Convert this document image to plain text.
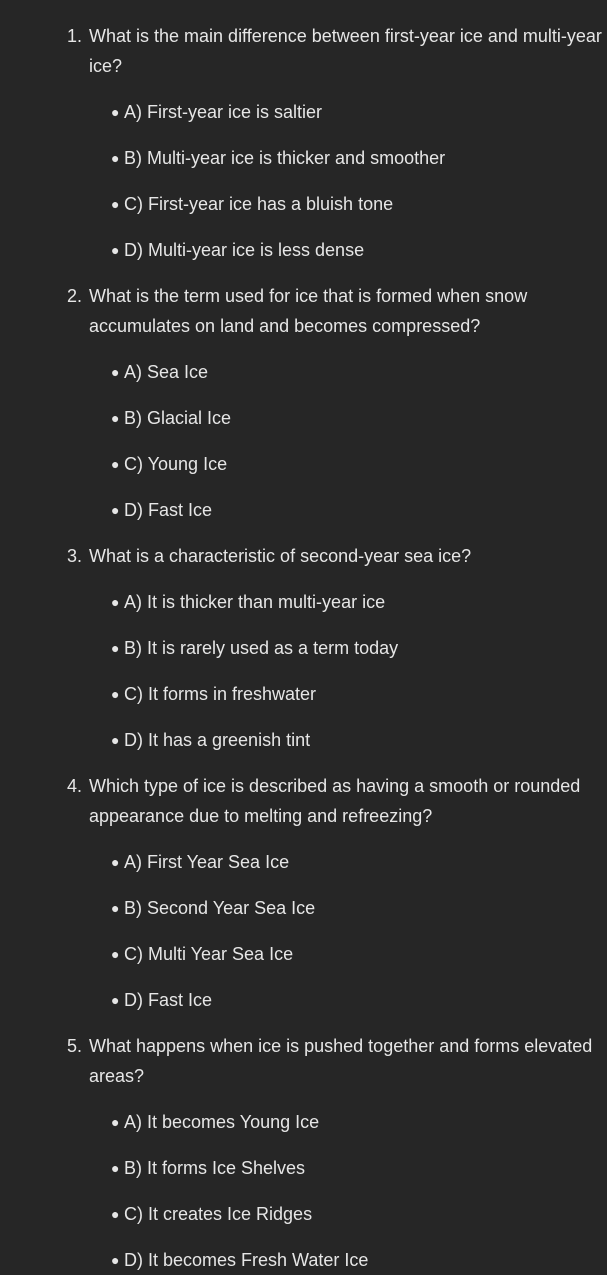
1. What is the main difference between first-year ice and multi-year ice?

● A) First-year ice is saltier
● B) Multi-year ice is thicker and smoother
● C) First-year ice has a bluish tone
● D) Multi-year ice is less dense
2. What is the term used for ice that is formed when snow accumulates on land and becomes compressed?

● A) Sea Ice
● B) Glacial Ice
● C) Young Ice
● D) Fast Ice
3. What is a characteristic of second-year sea ice?

● A) It is thicker than multi-year ice
● B) It is rarely used as a term today
● C) It forms in freshwater
● D) It has a greenish tint
4. Which type of ice is described as having a smooth or rounded appearance due to melting and refreezing?

● A) First Year Sea Ice
● B) Second Year Sea Ice
● C) Multi Year Sea Ice
● D) Fast Ice
5. What happens when ice is pushed together and forms elevated areas?

● A) It becomes Young Ice
● B) It forms Ice Shelves
● C) It creates Ice Ridges
● D) It becomes Fresh Water Ice
